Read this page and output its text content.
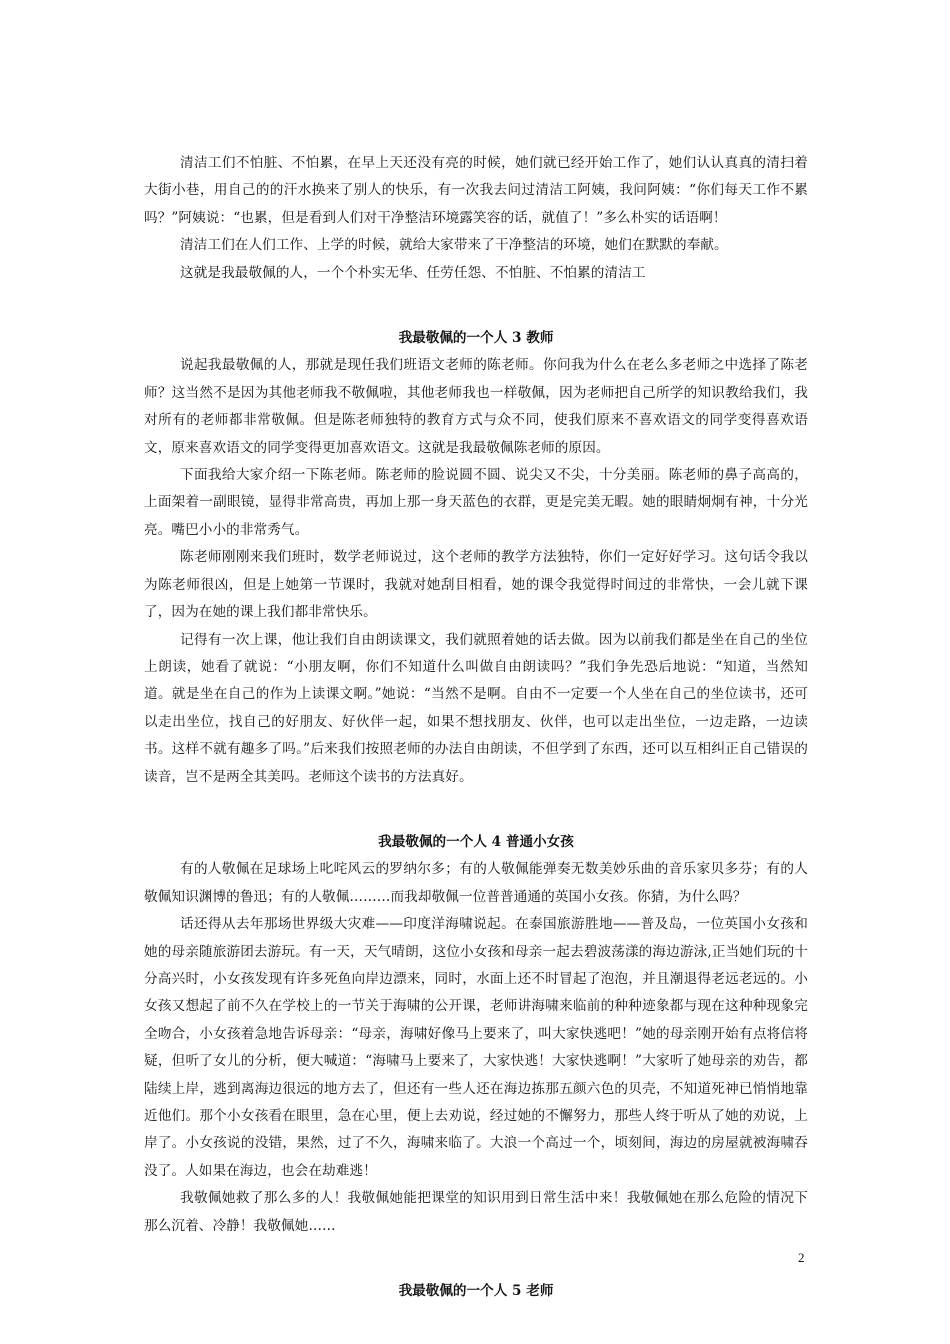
清洁工们不怕脏、不怕累，在早上天还没有亮的时候，她们就已经开始工作了，她们认认真真的清扫着大街小巷，用自己的的汗水换来了别人的快乐，有一次我去问过清洁工阿姨，我问阿姨：“你们每天工作不累吗？”阿姨说：“也累，但是看到人们对干净整洁环境露笑容的话，就值了！”多么朴实的话语啊！

清洁工们在人们工作、上学的时候，就给大家带来了干净整洁的环境，她们在默默的奉献。

这就是我最敬佩的人，一个个朴实无华、任劳任怨、不怕脏、不怕累的清洁工

我最敬佩的一个人 3 教师

说起我最敬佩的人，那就是现任我们班语文老师的陈老师。你问我为什么在老么多老师之中选择了陈老师？这当然不是因为其他老师我不敬佩啦，其他老师我也一样敬佩，因为老师把自己所学的知识教给我们，我对所有的老师都非常敬佩。但是陈老师独特的教育方式与众不同，使我们原来不喜欢语文的同学变得喜欢语文，原来喜欢语文的同学变得更加喜欢语文。这就是我最敬佩陈老师的原因。

下面我给大家介绍一下陈老师。陈老师的脸说圆不圆、说尖又不尖，十分美丽。陈老师的鼻子高高的，上面架着一副眼镜，显得非常高贵，再加上那一身天蓝色的衣群，更是完美无暇。她的眼睛炯炯有神，十分光亮。嘴巴小小的非常秀气。

陈老师刚刚来我们班时，数学老师说过，这个老师的教学方法独特，你们一定好好学习。这句话令我以为陈老师很凶，但是上她第一节课时，我就对她刮目相看，她的课令我觉得时间过的非常快，一会儿就下课了，因为在她的课上我们都非常快乐。

记得有一次上课，他让我们自由朗读课文，我们就照着她的话去做。因为以前我们都是坐在自己的坐位上朗读，她看了就说：“小朋友啊，你们不知道什么叫做自由朗读吗？”我们争先恐后地说：“知道，当然知道。就是坐在自己的作为上读课文啊。”她说：“当然不是啊。自由不一定要一个人坐在自己的坐位读书，还可以走出坐位，找自己的好朋友、好伙伴一起，如果不想找朋友、伙伴，也可以走出坐位，一边走路，一边读书。这样不就有趣多了吗。”后来我们按照老师的办法自由朗读，不但学到了东西，还可以互相纠正自己错误的读音，岂不是两全其美吗。老师这个读书的方法真好。

我最敬佩的一个人 4 普通小女孩

有的人敬佩在足球场上叱咤风云的罗纳尔多；有的人敬佩能弹奏无数美妙乐曲的音乐家贝多芬；有的人敬佩知识渊博的鲁迅；有的人敬佩………而我却敬佩一位普普通通的英国小女孩。你猜，为什么吗？

话还得从去年那场世界级大灾难——印度洋海啸说起。在泰国旅游胜地——普及岛，一位英国小女孩和她的母亲随旅游团去游玩。有一天，天气晴朗，这位小女孩和母亲一起去碧波荡漾的海边游泳,正当她们玩的十分高兴时，小女孩发现有许多死鱼向岸边漂来，同时，水面上还不时冒起了泡泡，并且潮退得老远老远的。小女孩又想起了前不久在学校上的一节关于海啸的公开课，老师讲海啸来临前的种种迹象都与现在这种种现象完全吻合，小女孩着急地告诉母亲：“母亲，海啸好像马上要来了，叫大家快逃吧！”她的母亲刚开始有点将信将疑，但听了女儿的分析，便大喊道：“海啸马上要来了，大家快逃！大家快逃啊！”大家听了她母亲的劝告，都陆续上岸，逃到离海边很远的地方去了，但还有一些人还在海边拣那五颜六色的贝壳，不知道死神已悄悄地靠近他们。那个小女孩看在眼里，急在心里，便上去劝说，经过她的不懈努力，那些人终于听从了她的劝说，上岸了。小女孩说的没错，果然，过了不久，海啸来临了。大浪一个高过一个，顷刻间，海边的房屋就被海啸吞没了。人如果在海边，也会在劫难逃！

我敬佩她救了那么多的人！我敬佩她能把课堂的知识用到日常生活中来！我敬佩她在那么危险的情况下那么沉着、冷静！我敬佩她……

我最敬佩的一个人 5 老师
2
